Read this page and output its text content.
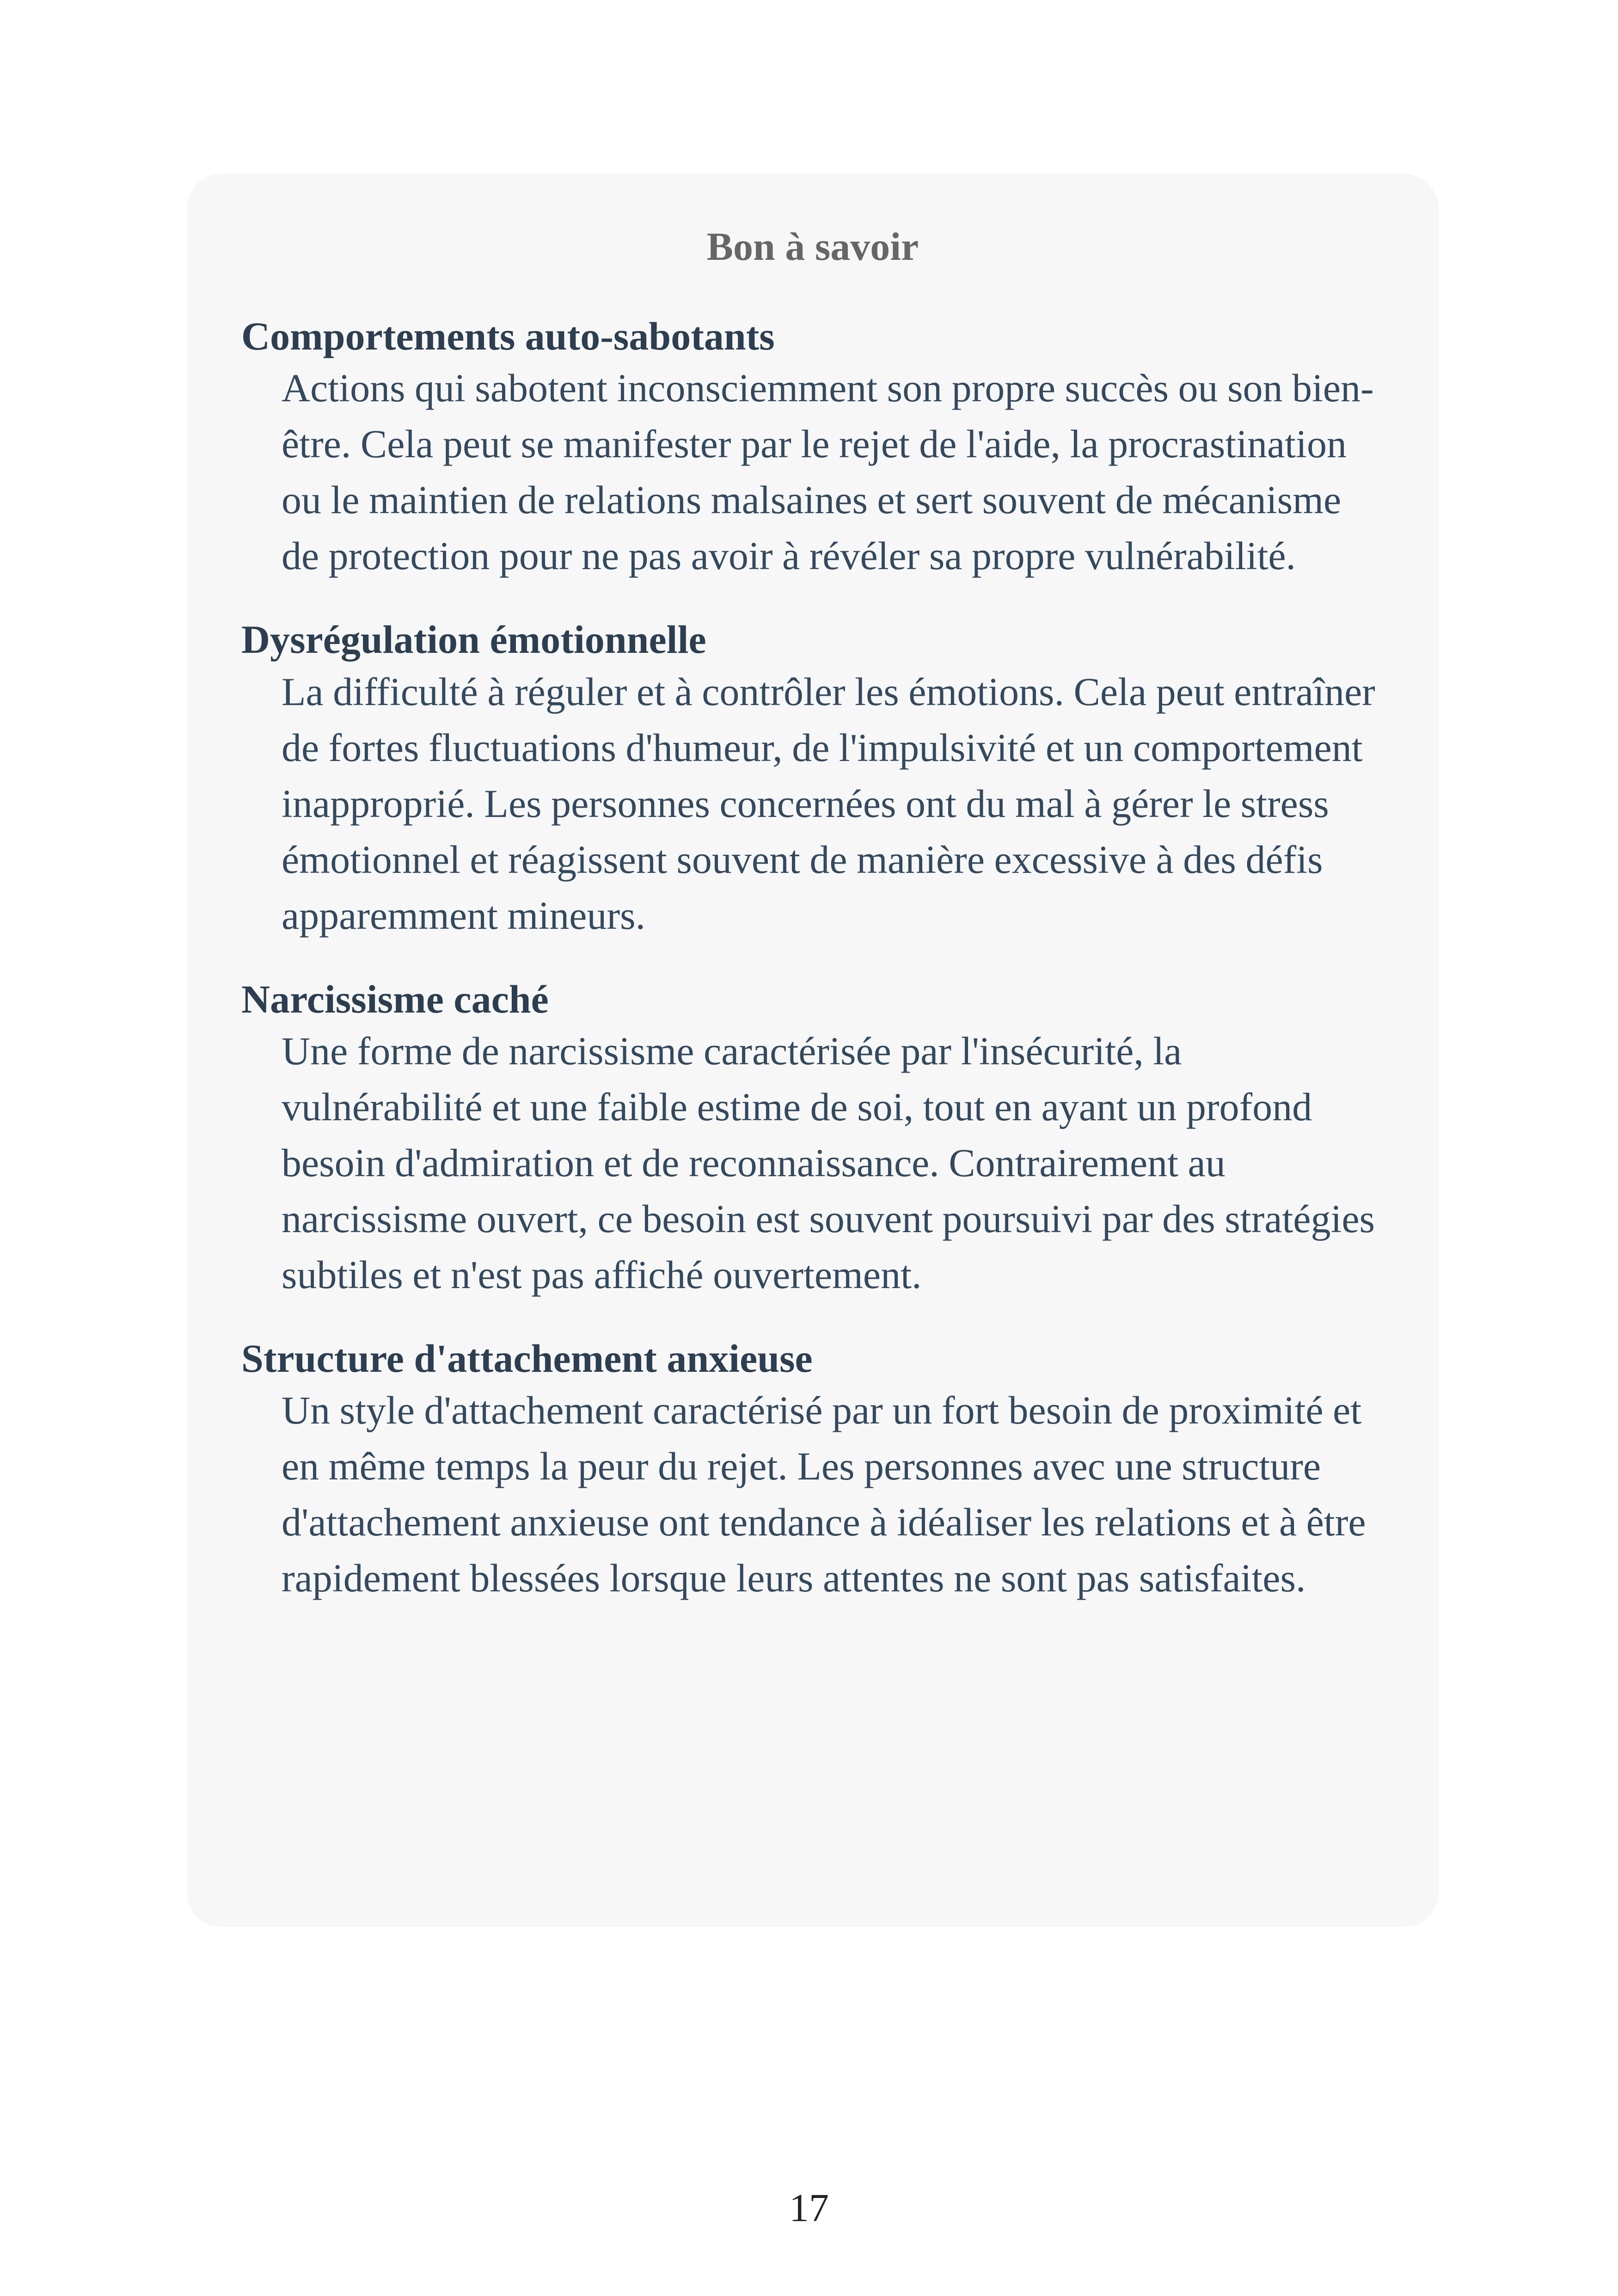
Bon à savoir
Comportements auto-sabotants
Actions qui sabotent inconsciemment son propre succès ou son bien-être. Cela peut se manifester par le rejet de l'aide, la procrastination ou le maintien de relations malsaines et sert souvent de mécanisme de protection pour ne pas avoir à révéler sa propre vulnérabilité.
Dysrégulation émotionnelle
La difficulté à réguler et à contrôler les émotions. Cela peut entraîner de fortes fluctuations d'humeur, de l'impulsivité et un comportement inapproprié. Les personnes concernées ont du mal à gérer le stress émotionnel et réagissent souvent de manière excessive à des défis apparemment mineurs.
Narcissisme caché
Une forme de narcissisme caractérisée par l'insécurité, la vulnérabilité et une faible estime de soi, tout en ayant un profond besoin d'admiration et de reconnaissance. Contrairement au narcissisme ouvert, ce besoin est souvent poursuivi par des stratégies subtiles et n'est pas affiché ouvertement.
Structure d'attachement anxieuse
Un style d'attachement caractérisé par un fort besoin de proximité et en même temps la peur du rejet. Les personnes avec une structure d'attachement anxieuse ont tendance à idéaliser les relations et à être rapidement blessées lorsque leurs attentes ne sont pas satisfaites.
17
